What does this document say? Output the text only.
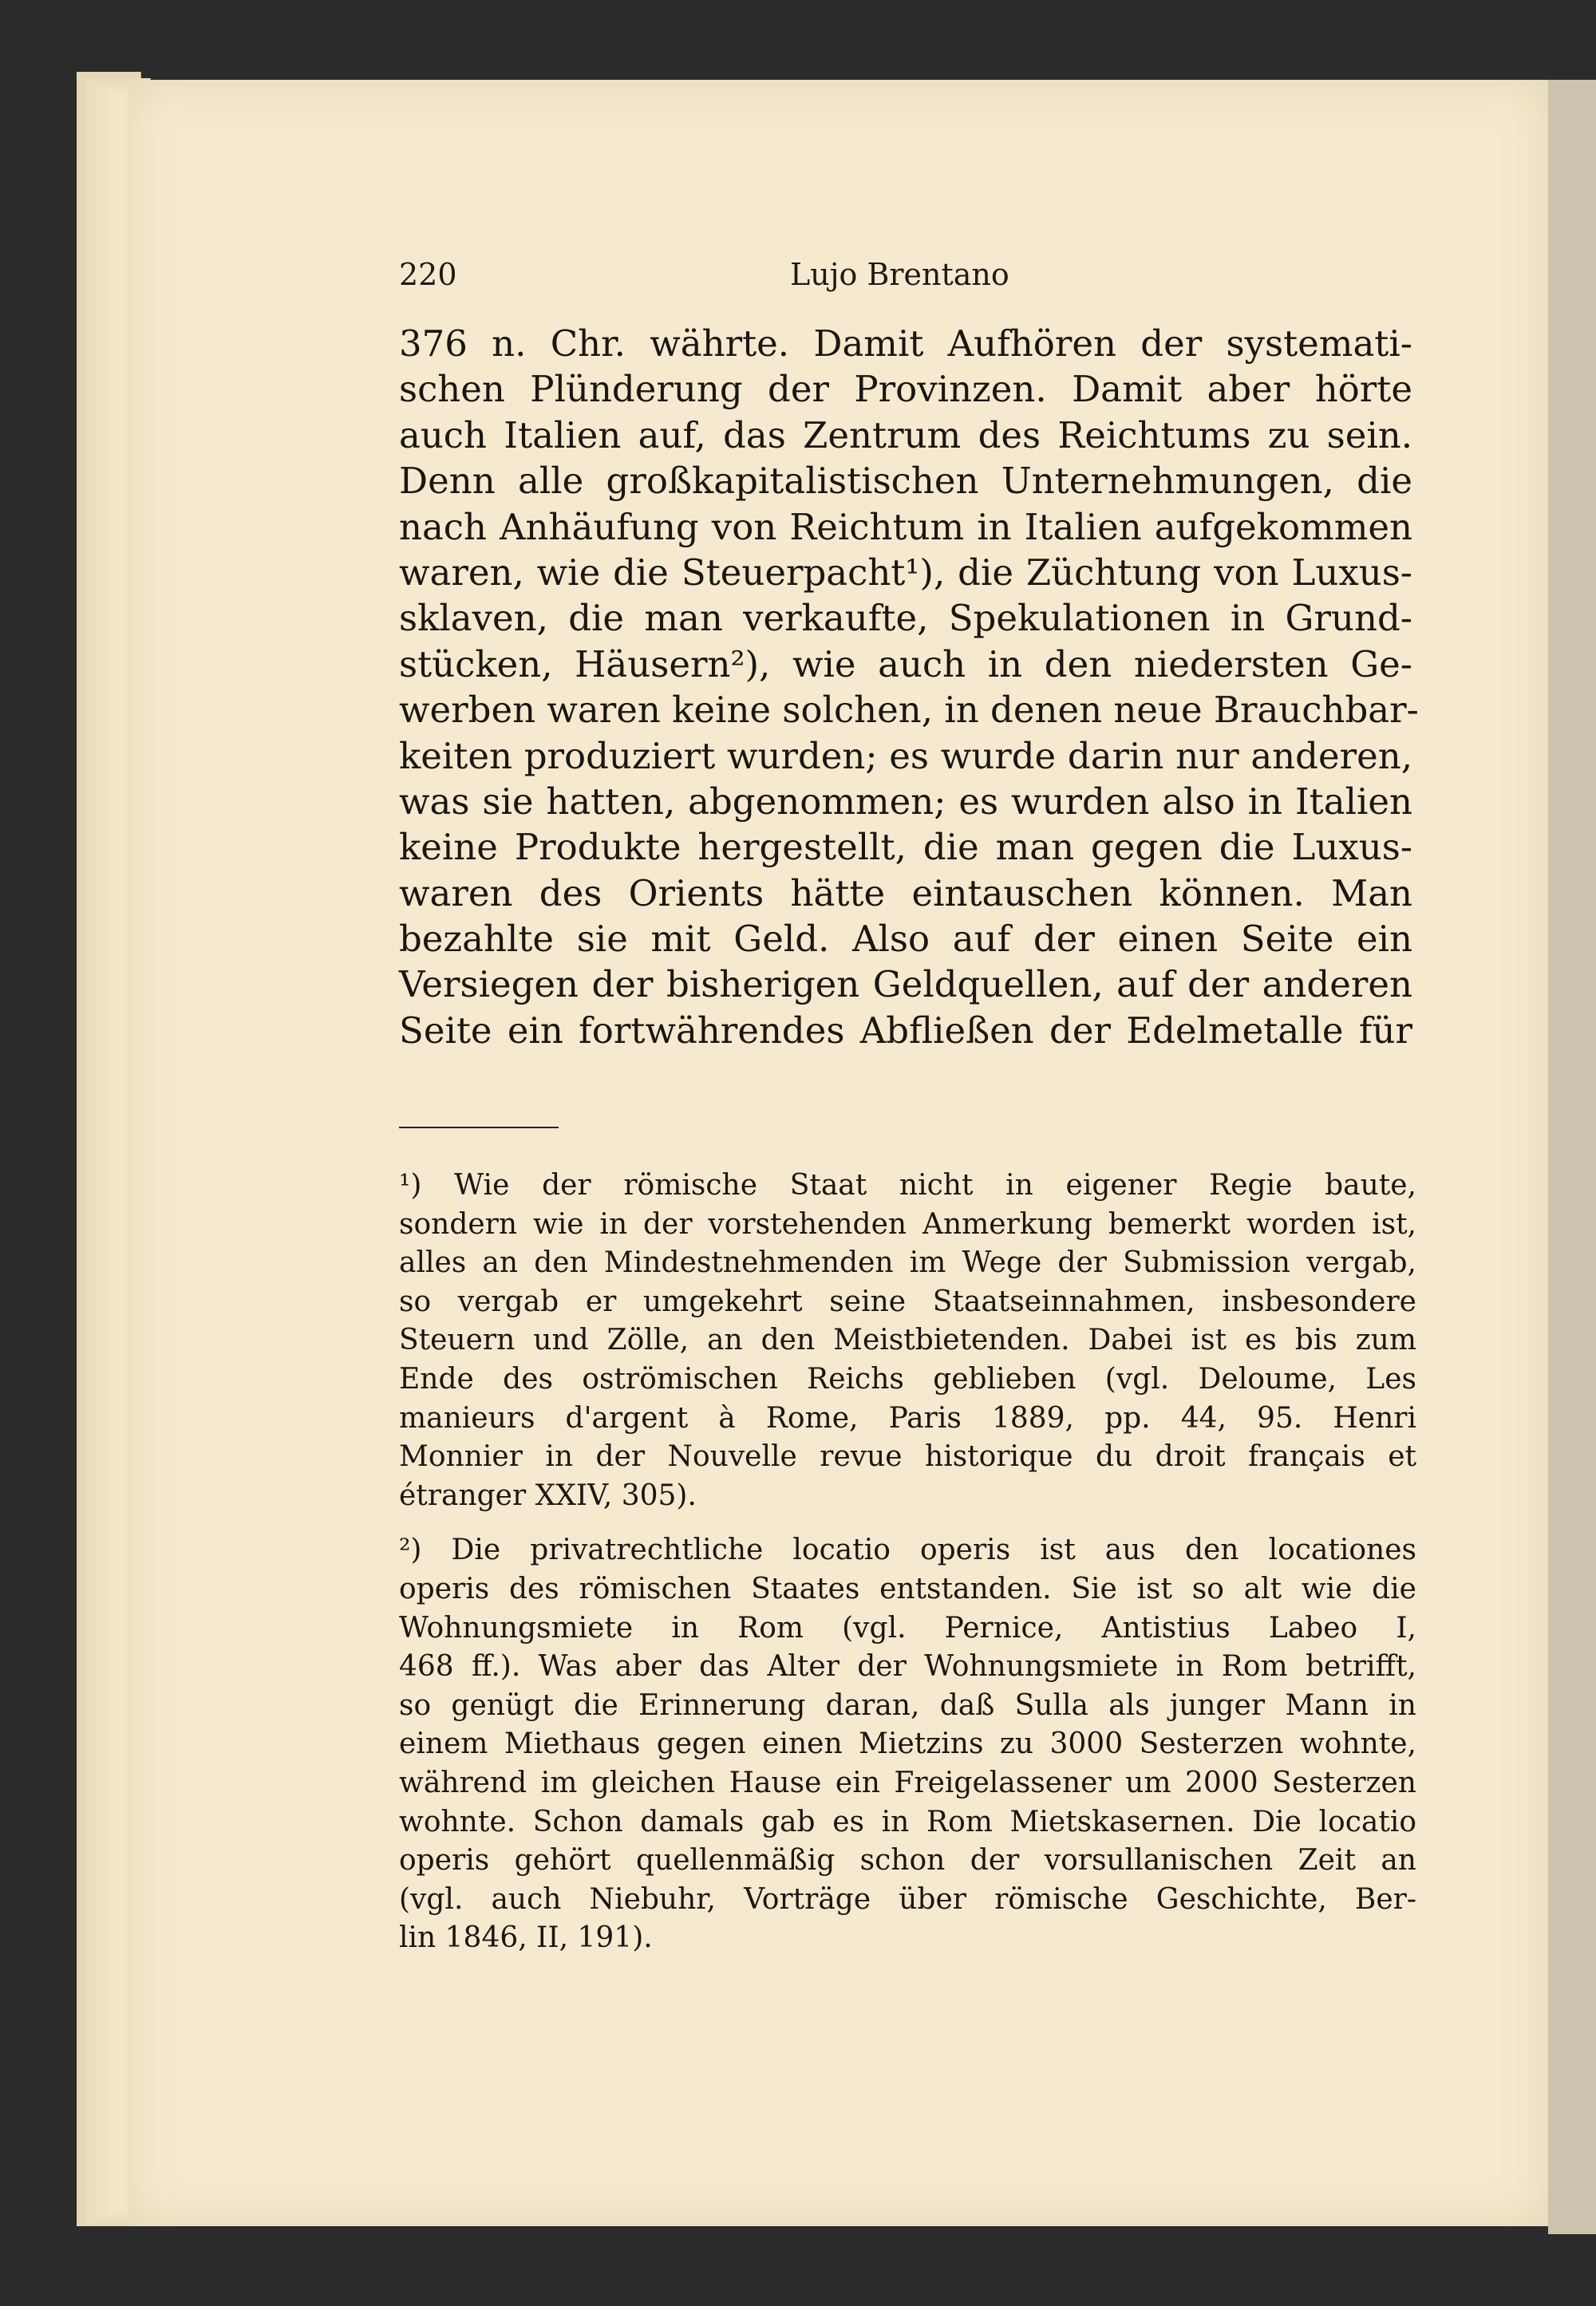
220	Lujo Brentano
376 n. Chr. währte. Damit Aufhören der systemati-
schen Plünderung der Provinzen. Damit aber hörte
auch Italien auf, das Zentrum des Reichtums zu sein.
Denn alle großkapitalistischen Unternehmungen, die
nach Anhäufung von Reichtum in Italien aufgekommen
waren, wie die Steuerpacht¹), die Züchtung von Luxus-
sklaven, die man verkaufte, Spekulationen in Grund-
stücken, Häusern²), wie auch in den niedersten Ge-
werben waren keine solchen, in denen neue Brauchbar-
keiten produziert wurden; es wurde darin nur anderen,
was sie hatten, abgenommen; es wurden also in Italien
keine Produkte hergestellt, die man gegen die Luxus-
waren des Orients hätte eintauschen können. Man
bezahlte sie mit Geld. Also auf der einen Seite ein
Versiegen der bisherigen Geldquellen, auf der anderen
Seite ein fortwährendes Abfließen der Edelmetalle für
¹) Wie der römische Staat nicht in eigener Regie baute,
sondern wie in der vorstehenden Anmerkung bemerkt worden ist,
alles an den Mindestnehmenden im Wege der Submission vergab,
so vergab er umgekehrt seine Staatseinnahmen, insbesondere
Steuern und Zölle, an den Meistbietenden. Dabei ist es bis zum
Ende des oströmischen Reichs geblieben (vgl. Deloume, Les
manieurs d'argent à Rome, Paris 1889, pp. 44, 95. Henri
Monnier in der Nouvelle revue historique du droit français et
étranger XXIV, 305).
²) Die privatrechtliche locatio operis ist aus den locationes
operis des römischen Staates entstanden. Sie ist so alt wie die
Wohnungsmiete in Rom (vgl. Pernice, Antistius Labeo I,
468 ff.). Was aber das Alter der Wohnungsmiete in Rom betrifft,
so genügt die Erinnerung daran, daß Sulla als junger Mann in
einem Miethaus gegen einen Mietzins zu 3000 Sesterzen wohnte,
während im gleichen Hause ein Freigelassener um 2000 Sesterzen
wohnte. Schon damals gab es in Rom Mietskasernen. Die locatio
operis gehört quellenmäßig schon der vorsullanischen Zeit an
(vgl. auch Niebuhr, Vorträge über römische Geschichte, Ber-
lin 1846, II, 191).
